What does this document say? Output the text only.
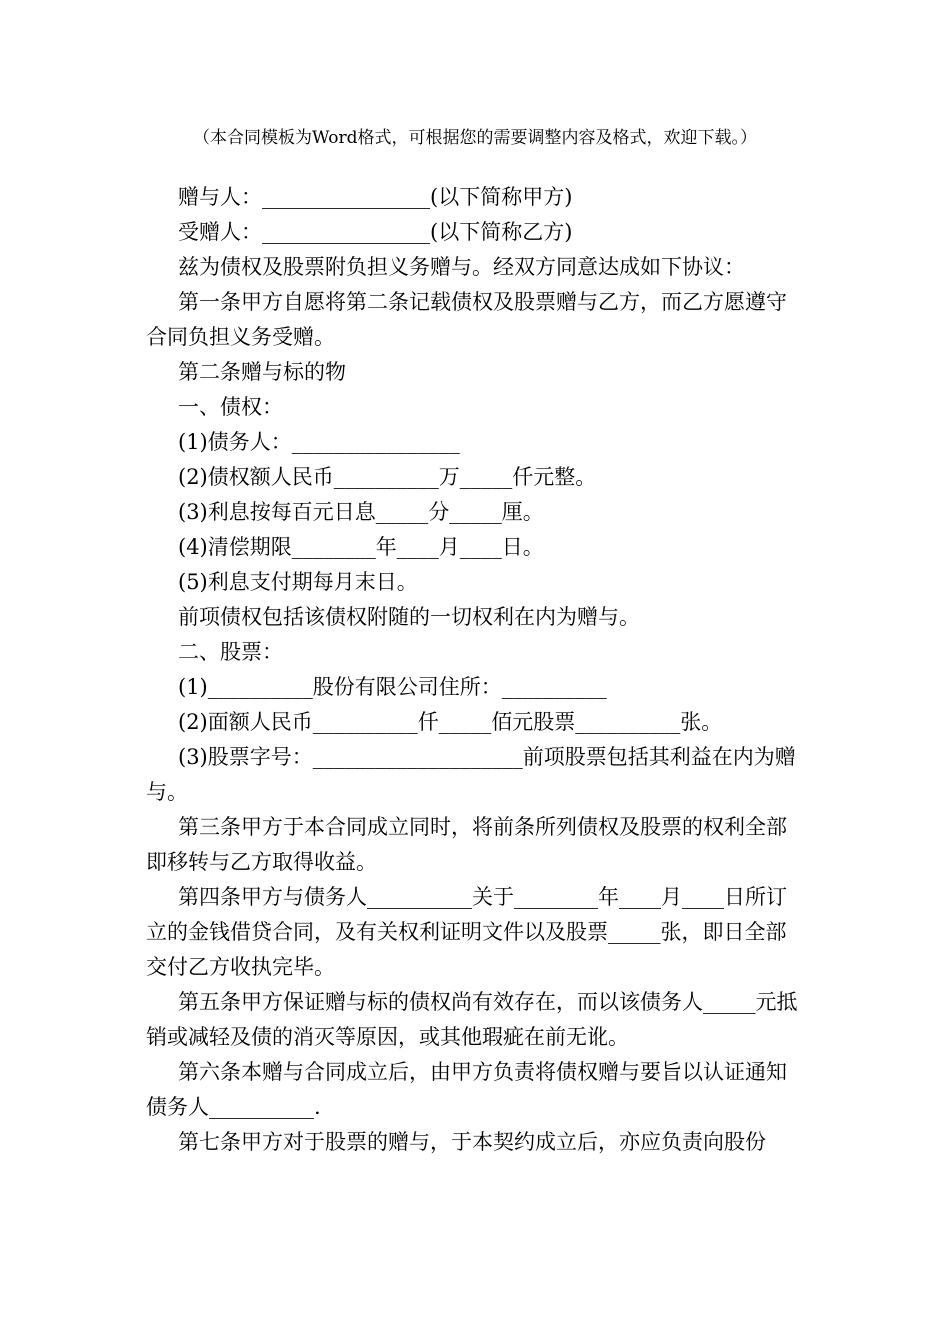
（本合同模板为Word格式，可根据您的需要调整内容及格式，欢迎下载。）

赠与人：________________(以下简称甲方)

受赠人：________________(以下简称乙方)

兹为债权及股票附负担义务赠与。经双方同意达成如下协议：

第一条甲方自愿将第二条记载债权及股票赠与乙方，而乙方愿遵守合同负担义务受赠。

第二条赠与标的物

一、债权：

(1)债务人：________________

(2)债权额人民币__________万_____仟元整。

(3)利息按每百元日息_____分_____厘。

(4)清偿期限________年____月____日。

(5)利息支付期每月末日。

前项债权包括该债权附随的一切权利在内为赠与。

二、股票：

(1)__________股份有限公司住所：__________

(2)面额人民币__________仟_____佰元股票__________张。

(3)股票字号：____________________前项股票包括其利益在内为赠与。

第三条甲方于本合同成立同时，将前条所列债权及股票的权利全部即移转与乙方取得收益。

第四条甲方与债务人__________关于________年____月____日所订立的金钱借贷合同，及有关权利证明文件以及股票_____张，即日全部交付乙方收执完毕。

第五条甲方保证赠与标的债权尚有效存在，而以该债务人_____元抵销或减轻及债的消灭等原因，或其他瑕疵在前无讹。

第六条本赠与合同成立后，由甲方负责将债权赠与要旨以认证通知债务人__________.

第七条甲方对于股票的赠与，于本契约成立后，亦应负责向股份
